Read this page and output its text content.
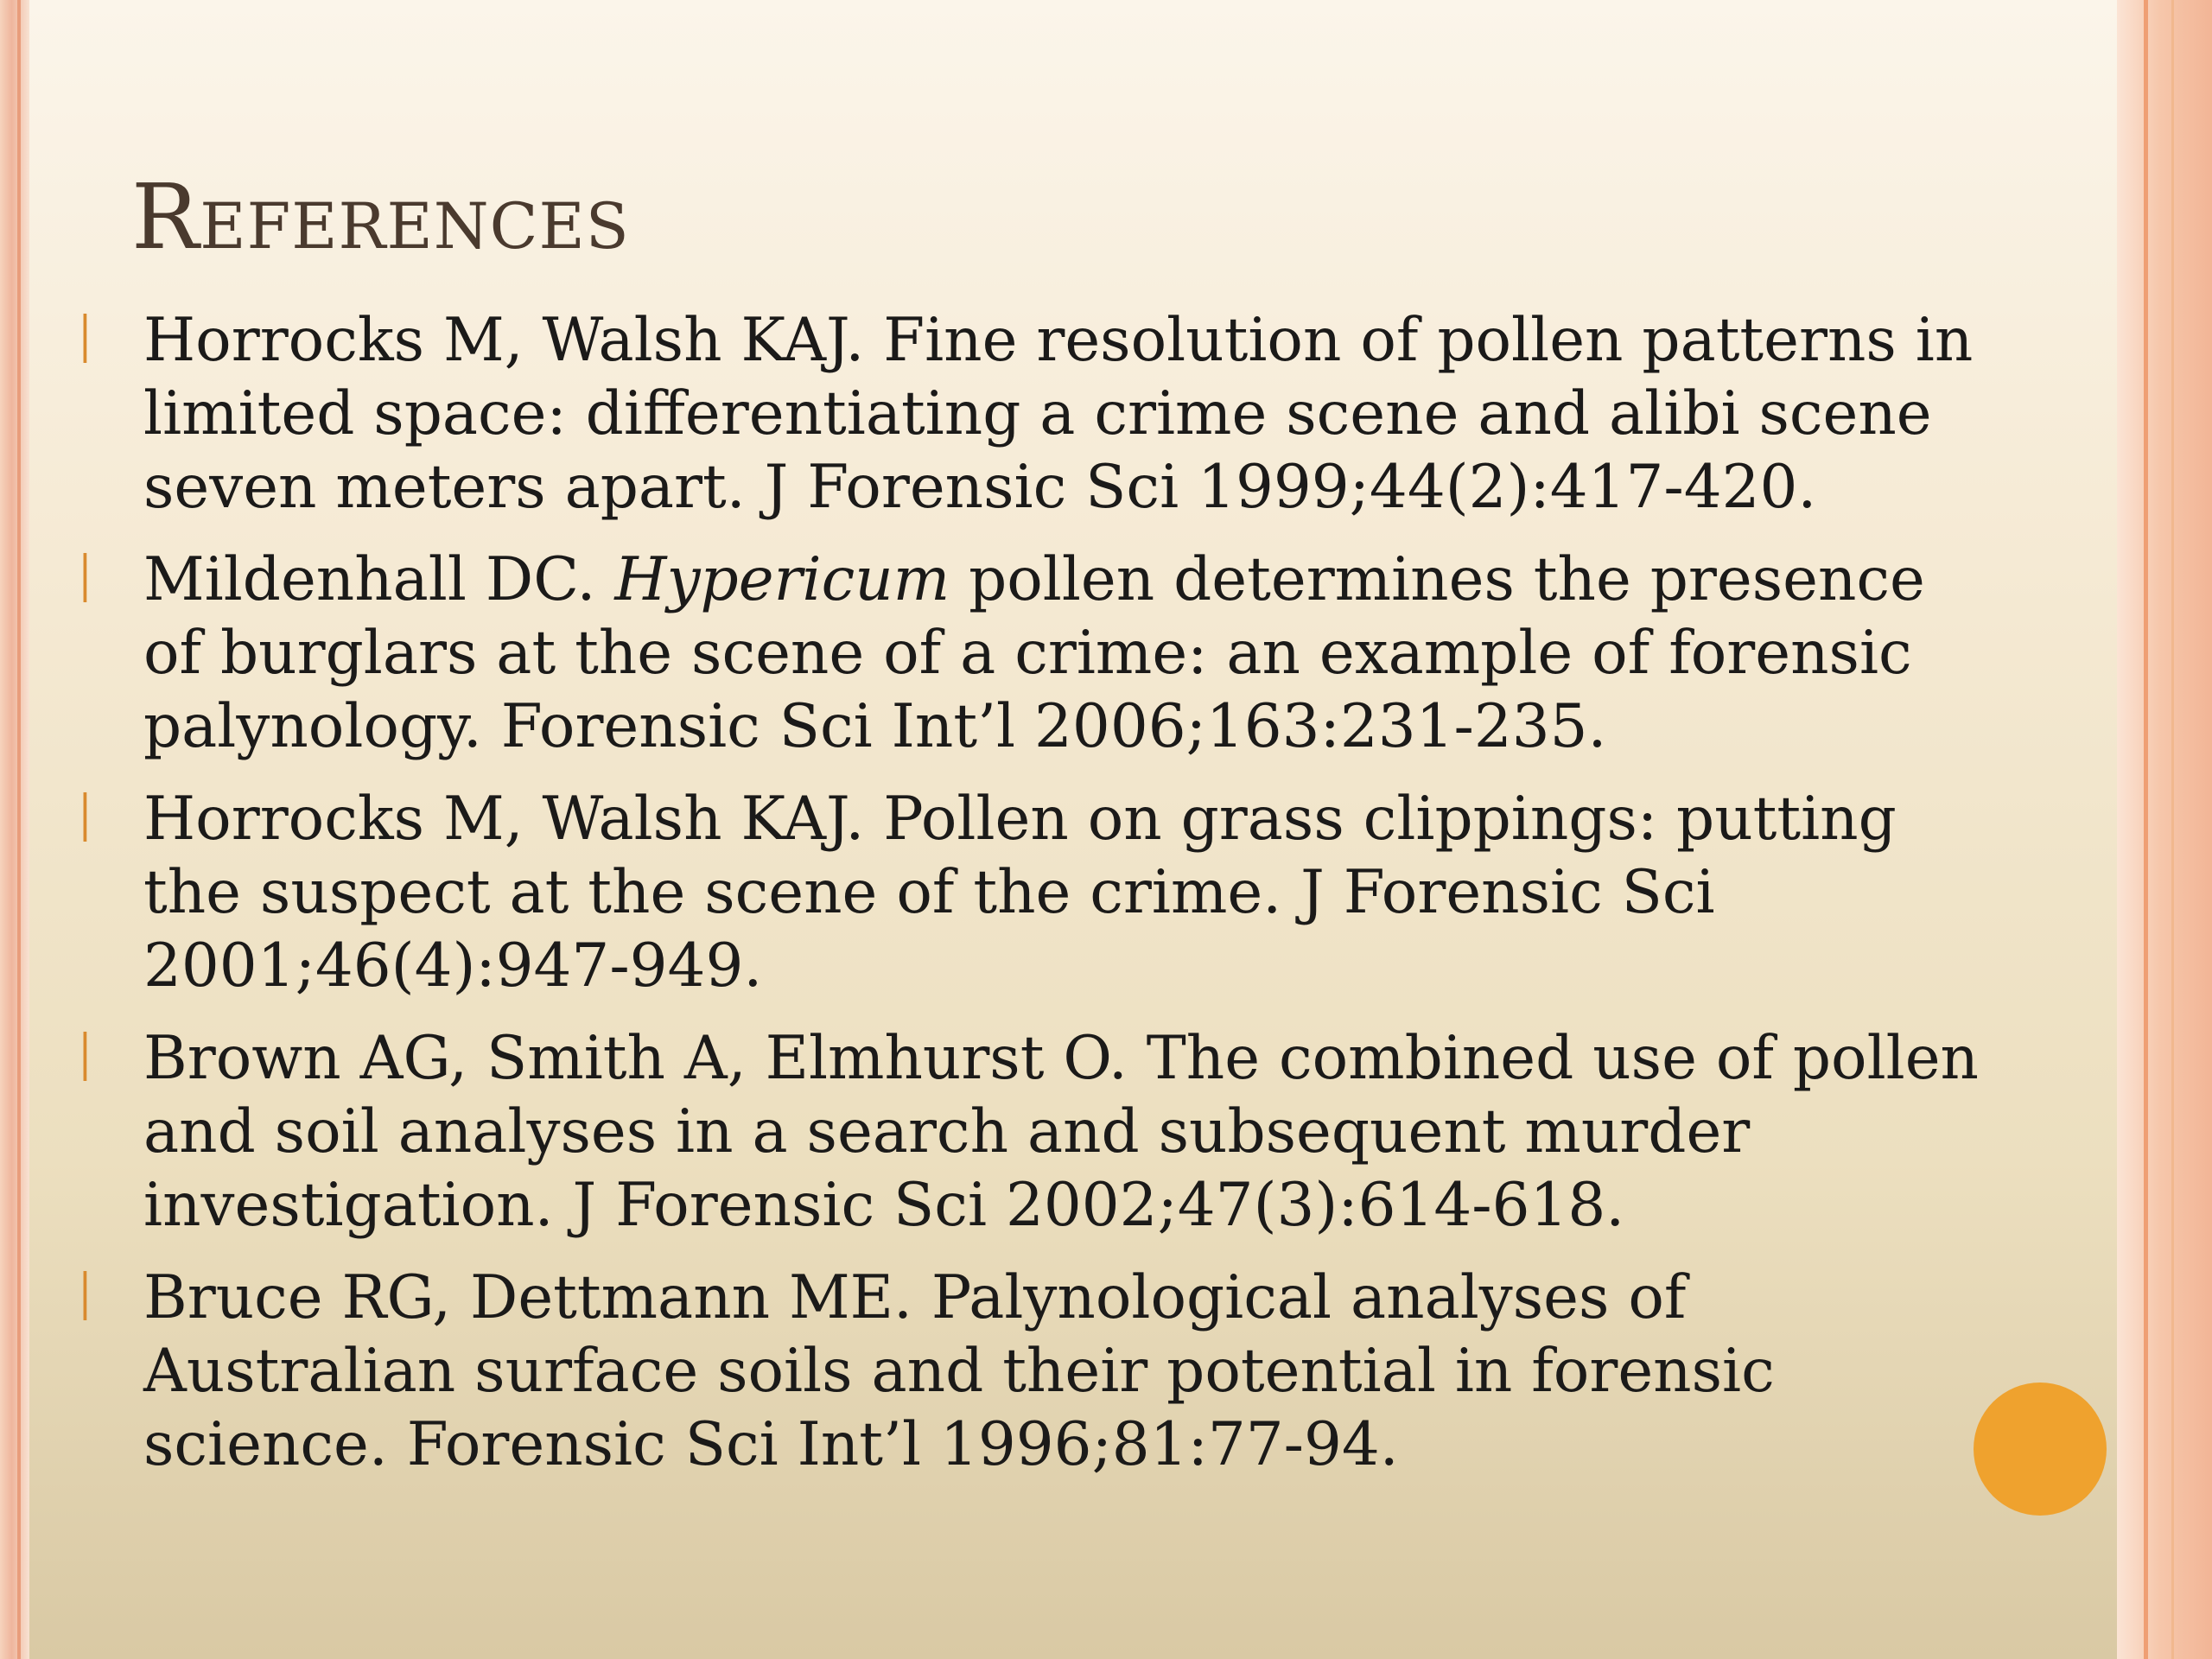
References
│ Horrocks M, Walsh KAJ. Fine resolution of pollen patterns in limited space: differentiating a crime scene and alibi scene seven meters apart. J Forensic Sci 1999;44(2):417-420.
│ Mildenhall DC. Hypericum pollen determines the presence of burglars at the scene of a crime: an example of forensic palynology. Forensic Sci Int’l 2006;163:231-235.
│ Horrocks M, Walsh KAJ. Pollen on grass clippings: putting the suspect at the scene of the crime. J Forensic Sci 2001;46(4):947-949.
│ Brown AG, Smith A, Elmhurst O. The combined use of pollen and soil analyses in a search and subsequent murder investigation. J Forensic Sci 2002;47(3):614-618.
│ Bruce RG, Dettmann ME. Palynological analyses of Australian surface soils and their potential in forensic science. Forensic Sci Int’l 1996;81:77-94.
